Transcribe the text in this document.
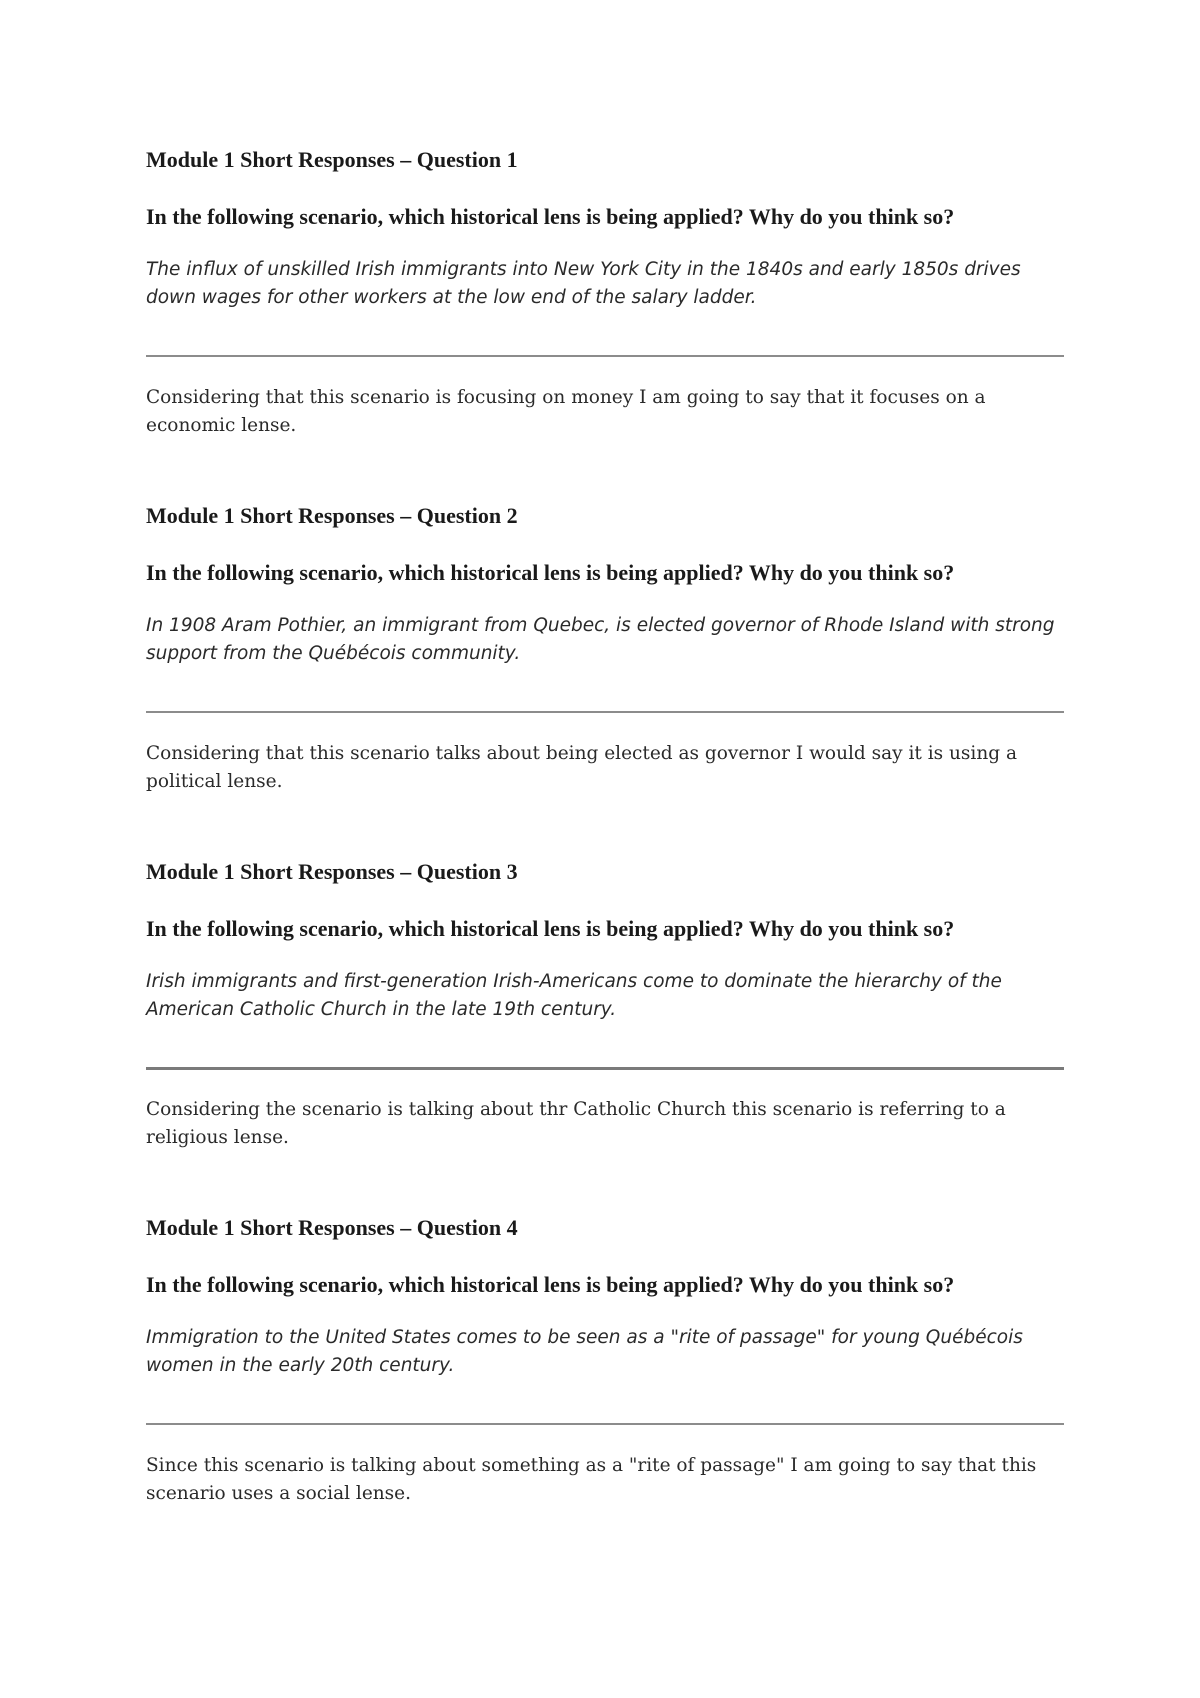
Module 1 Short Responses – Question 1

In the following scenario, which historical lens is being applied? Why do you think so?

The influx of unskilled Irish immigrants into New York City in the 1840s and early 1850s drives down wages for other workers at the low end of the salary ladder.

Considering that this scenario is focusing on money I am going to say that it focuses on a economic lense.

Module 1 Short Responses – Question 2

In the following scenario, which historical lens is being applied? Why do you think so?

In 1908 Aram Pothier, an immigrant from Quebec, is elected governor of Rhode Island with strong support from the Québécois community.

Considering that this scenario talks about being elected as governor I would say it is using a political lense.

Module 1 Short Responses – Question 3

In the following scenario, which historical lens is being applied? Why do you think so?

Irish immigrants and first-generation Irish-Americans come to dominate the hierarchy of the American Catholic Church in the late 19th century.

Considering the scenario is talking about thr Catholic Church this scenario is referring to a religious lense.

Module 1 Short Responses – Question 4

In the following scenario, which historical lens is being applied? Why do you think so?

Immigration to the United States comes to be seen as a "rite of passage" for young Québécois women in the early 20th century.

Since this scenario is talking about something as a "rite of passage" I am going to say that this scenario uses a social lense.
